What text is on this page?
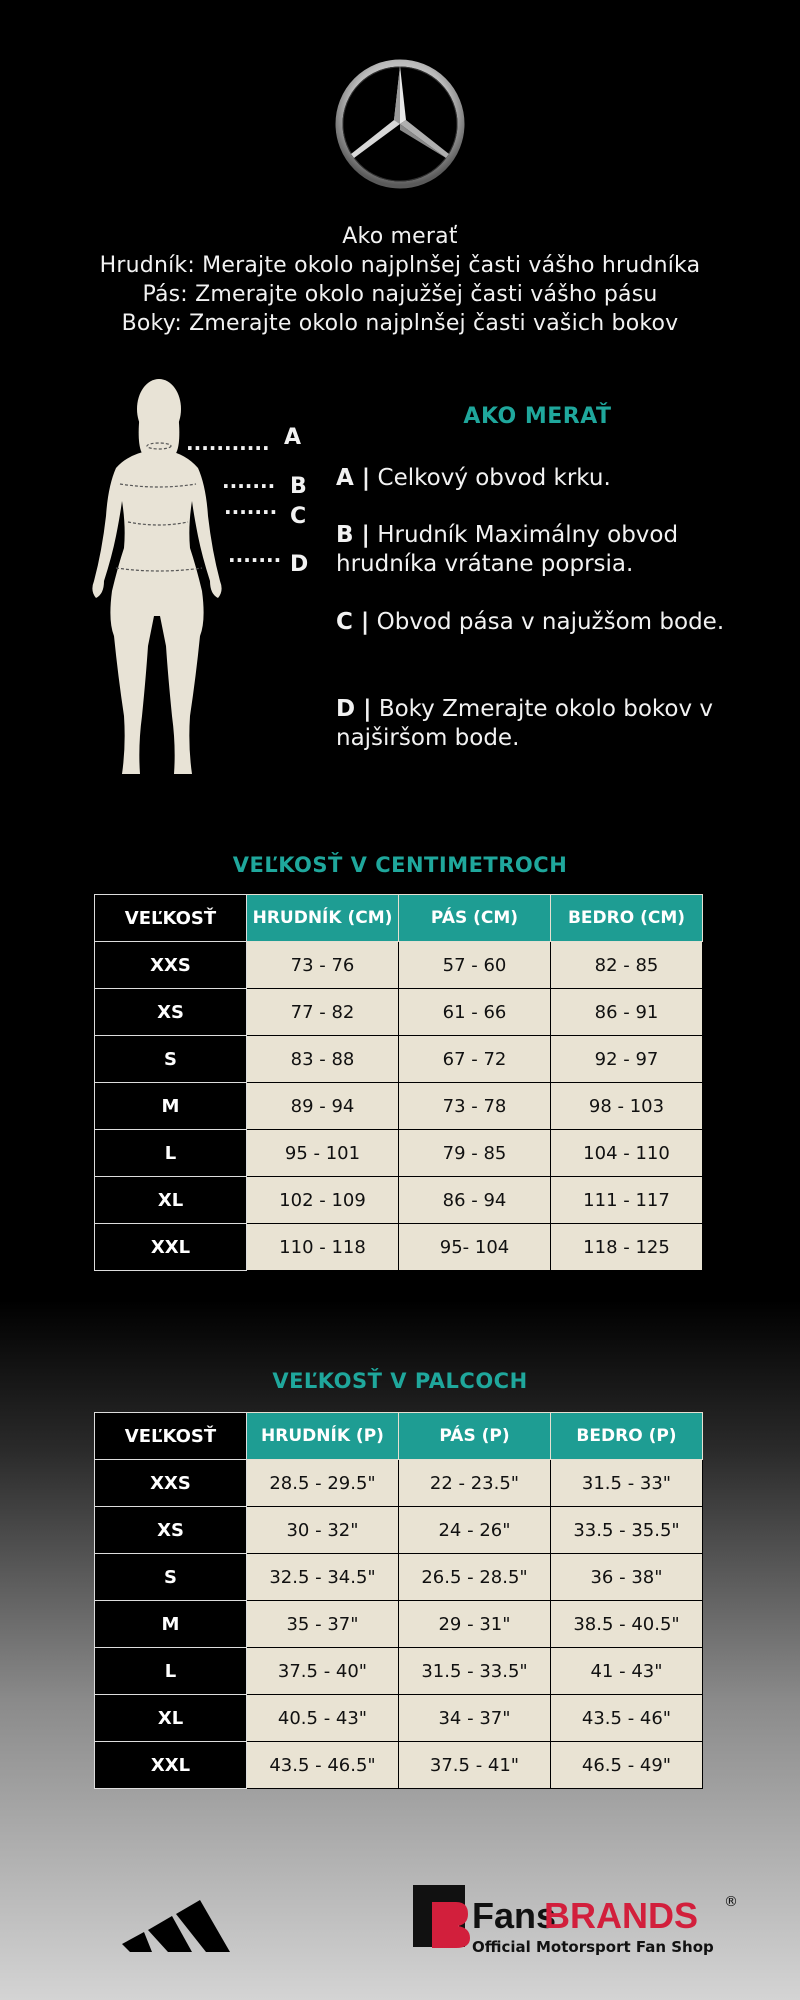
Ako merať
Hrudník: Merajte okolo najplnšej časti vášho hrudníka
Pás: Zmerajte okolo najužšej časti vášho pásu
Boky: Zmerajte okolo najplnšej časti vašich bokov
...........
.......
.......
.......
A
B
C
D
AKO MERAŤ
A | Celkový obvod krku.
B | Hrudník Maximálny obvod hrudníka vrátane poprsia.
C | Obvod pása v najužšom bode.
D | Boky Zmerajte okolo bokov v najširšom bode.
VEĽKOSŤ V CENTIMETROCH
VEĽKOSŤ	HRUDNÍK (CM)	PÁS (CM)	BEDRO (CM)
XXS	73 - 76	57 - 60	82 - 85
XS	77 - 82	61 - 66	86 - 91
S	83 - 88	67 - 72	92 - 97
M	89 - 94	73 - 78	98 - 103
L	95 - 101	79 - 85	104 - 110
XL	102 - 109	86 - 94	111 - 117
XXL	110 - 118	95- 104	118 - 125
VEĽKOSŤ V PALCOCH
VEĽKOSŤ	HRUDNÍK (P)	PÁS (P)	BEDRO (P)
XXS	28.5 - 29.5"	22 - 23.5"	31.5 - 33"
XS	30 - 32"	24 - 26"	33.5 - 35.5"
S	32.5 - 34.5"	26.5 - 28.5"	36 - 38"
M	35 - 37"	29 - 31"	38.5 - 40.5"
L	37.5 - 40"	31.5 - 33.5"	41 - 43"
XL	40.5 - 43"	34 - 37"	43.5 - 46"
XXL	43.5 - 46.5"	37.5 - 41"	46.5 - 49"
Fans
BRANDS ®
Official Motorsport Fan Shop
